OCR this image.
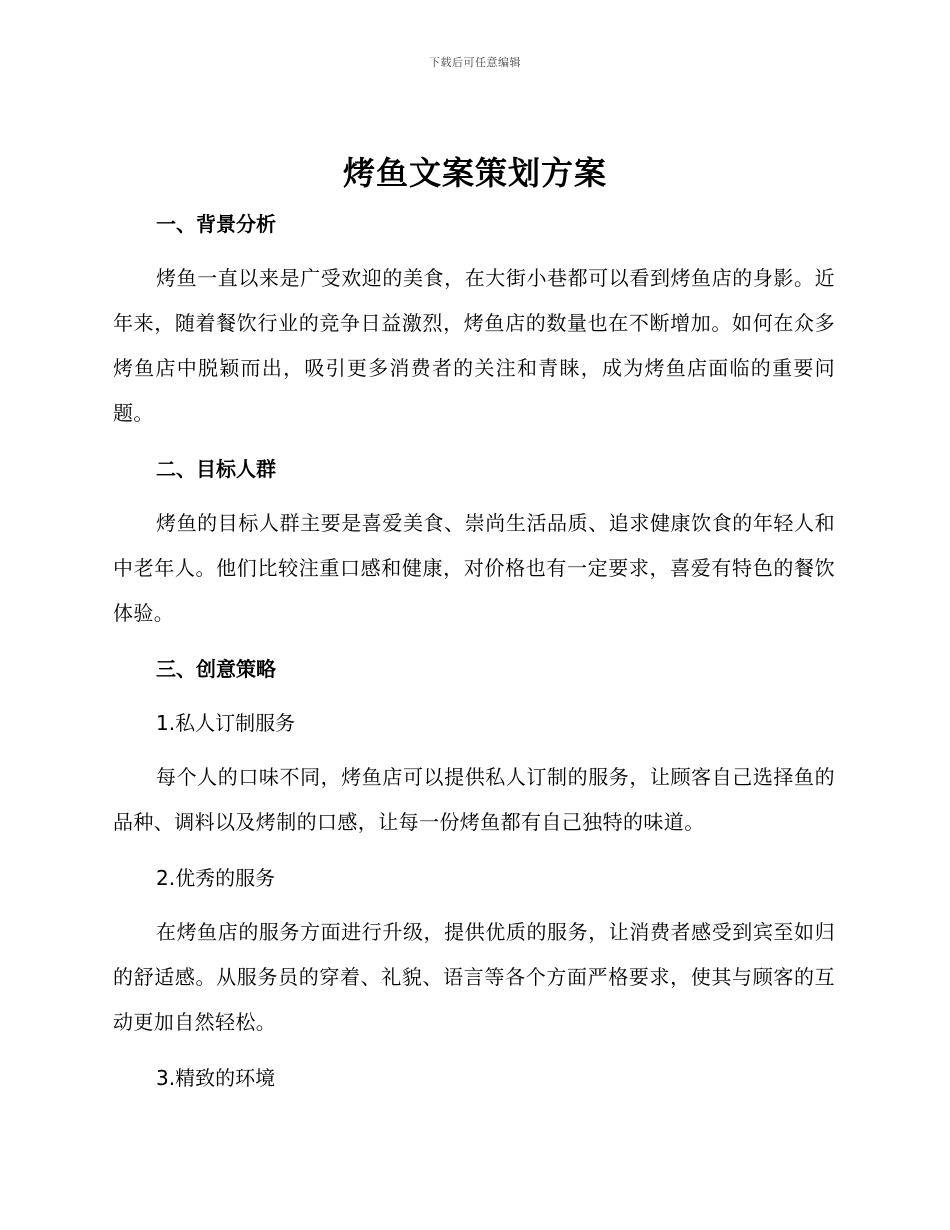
下载后可任意编辑
烤鱼文案策划方案
一、背景分析

烤鱼一直以来是广受欢迎的美食，在大街小巷都可以看到烤鱼店的身影。近年来，随着餐饮行业的竞争日益激烈，烤鱼店的数量也在不断增加。如何在众多烤鱼店中脱颖而出，吸引更多消费者的关注和青睐，成为烤鱼店面临的重要问题。

二、目标人群

烤鱼的目标人群主要是喜爱美食、崇尚生活品质、追求健康饮食的年轻人和中老年人。他们比较注重口感和健康，对价格也有一定要求，喜爱有特色的餐饮体验。

三、创意策略
1.私人订制服务

每个人的口味不同，烤鱼店可以提供私人订制的服务，让顾客自己选择鱼的品种、调料以及烤制的口感，让每一份烤鱼都有自己独特的味道。

2.优秀的服务

在烤鱼店的服务方面进行升级，提供优质的服务，让消费者感受到宾至如归的舒适感。从服务员的穿着、礼貌、语言等各个方面严格要求，使其与顾客的互动更加自然轻松。

3.精致的环境
